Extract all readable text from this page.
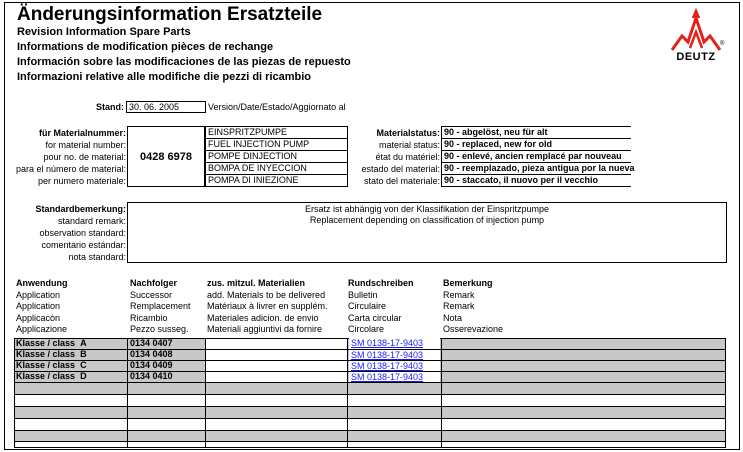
Änderungsinformation Ersatzteile
Revision Information Spare Parts
Informations de modification pièces de rechange
Información sobre las modificaciones de las piezas de repuesto
Informazioni relative alle modifiche die pezzi di ricambio
DEUTZ
®
Stand: 30. 06. 2005	Version/Date/Estado/Aggiornato al
für Materialnummer:
for material number:
pour no. de material:
para el número de material:
per numero materiale:
0428 6978
EINSPRITZPUMPE
FUEL INJECTION PUMP
POMPE DINJECTION
BOMPA DE INYECCION
POMPA DI INIEZIONE
Materialstatus:
material status:
état du matériel:
estado del material:
stato del materiale:
90 - abgelöst, neu für alt
90 - replaced, new for old
90 - enlevé, ancien remplacé par nouveau
90 - reemplazado, pieza antigua por la nueva
90 - staccato, il nuovo per il vecchio
Standardbemerkung:
standard remark:
observation standard:
comentario estándar:
nota standard:
Ersatz ist abhängig von der Klassifikation der Einspritzpumpe
Replacement depending on classification of injection pump
Anwendung
Application
Application
Applicacòn
Applicazione
Nachfolger
Successor
Remplacement
Ricambio
Pezzo susseg.
zus. mitzul. Materialien
add. Materials to be delivered
Matériaux à livrer en supplém.
Materiales adicion. de envio
Materiali aggiuntivi da fornire
Rundschreiben
Bulletin
Circulaire
Carta circular
Circolare
Bemerkung
Remark
Remark
Nota
Osserevazione
Klasse / class A
Klasse / class B
Klasse / class C
Klasse / class D
0134 0407
0134 0408
0134 0409
0134 0410
SM 0138-17-9403
SM 0138-17-9403
SM 0138-17-9403
SM 0138-17-9403
